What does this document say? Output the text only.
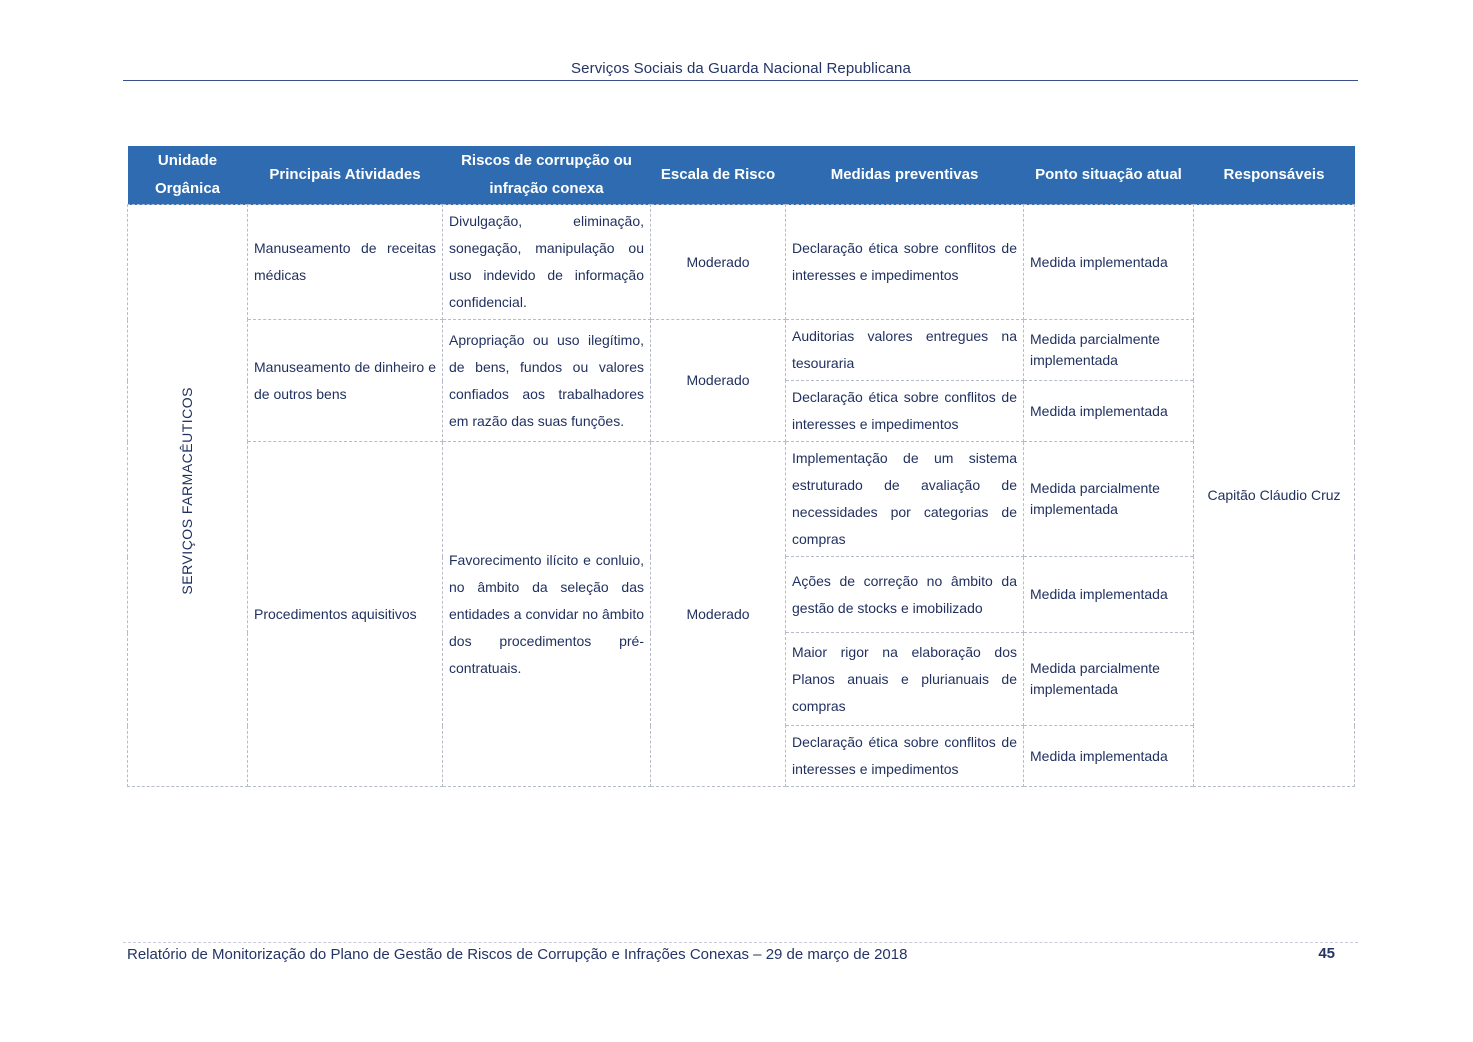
Serviços Sociais da Guarda Nacional Republicana
Unidade Orgânica	Principais Atividades	Riscos de corrupção ou infração conexa	Escala de Risco	Medidas preventivas	Ponto situação atual	Responsáveis
SERVIÇOS FARMACÊUTICOS	Manuseamento de receitas médicas	Divulgação, eliminação, sonegação, manipulação ou uso indevido de informação confidencial.	Moderado	Declaração ética sobre conflitos de interesses e impedimentos	Medida implementada	Capitão Cláudio Cruz
	Manuseamento de dinheiro e de outros bens	Apropriação ou uso ilegítimo, de bens, fundos ou valores confiados aos trabalhadores em razão das suas funções.	Moderado	Auditorias valores entregues na tesouraria	Medida parcialmente implementada	

				Declaração ética sobre conflitos de interesses e impedimentos	Medida implementada	

	Procedimentos aquisitivos	Favorecimento ilícito e conluio, no âmbito da seleção das entidades a convidar no âmbito dos procedimentos pré-contratuais.	Moderado	Implementação de um sistema estruturado de avaliação de necessidades por categorias de compras	Medida parcialmente implementada	

				Ações de correção no âmbito da gestão de stocks e imobilizado	Medida implementada	

				Maior rigor na elaboração dos Planos anuais e plurianuais de compras	Medida parcialmente implementada	

				Declaração ética sobre conflitos de interesses e impedimentos	Medida implementada	
Relatório de Monitorização do Plano de Gestão de Riscos de Corrupção e Infrações Conexas – 29 de março de 2018	45
